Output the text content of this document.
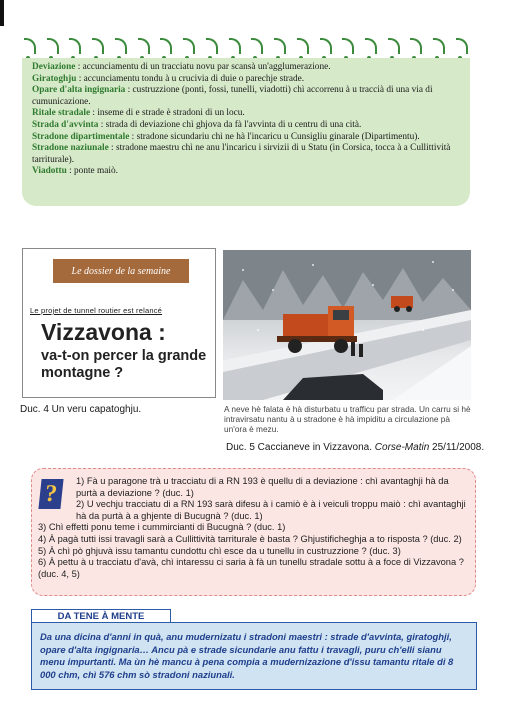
Deviazione : accunciamentu di un tracciatu novu par scansà un'agglumerazione.

Giratoghju : accunciamentu tondu à u crucivia di duie o parechje strade.

Opare d'alta ingignaria : custruzzione (ponti, fossi, tunelli, viadotti) chì accorrenu à u traccià di una via di cumunicazione.

Ritale stradale : inseme di e strade è stradoni di un locu.

Strada d'avvinta : strada di deviazione chì ghjova da fà l'avvinta di u centru di una cità.

Stradone dipartimentale : stradone sicundariu chì ne hà l'incaricu u Cunsigliu ginarale (Dipartimentu).

Stradone naziunale : stradone maestru chì ne anu l'incaricu i sirvizii di u Statu (in Corsica, tocca à a Cullittività tarriturale).

Viadottu : ponte maiò.

Le dossier de la semaine
Le projet de tunnel routier est relancé
Vizzavona :
va-t-on percer la grande montagne ?
Duc. 4 Un veru capatoghju.	A neve hè falata è hà disturbatu u trafficu par strada. Un carru si hè intravirsatu nantu à u stradone è hà impiditu a circulazione pà un'ora è mezu.
Duc. 5 Caccianeve in Vizzavona. Corse-Matin 25/11/2008.
?	1) Fà u paragone trà u tracciatu di a RN 193 è quellu di a deviazione : chì avantaghji hà da purtà a deviazione ? (duc. 1)

2) U vechju tracciatu di a RN 193 sarà difesu à i camiò è à i veiculi troppu maiò : chì avantaghji hà da purtà à a ghjente di Bucugnà ? (duc. 1)

3) Chì effetti ponu teme i cummircianti di Bucugnà ? (duc. 1)

4) À pagà tutti issi travagli sarà a Cullittività tarriturale è basta ? Ghjustificheghja a to risposta ? (duc. 2)

5) À chì pò ghjuvà issu tamantu cundottu chì esce da u tunellu in custruzzione ? (duc. 3)

6) À pettu à u tracciatu d'avà, chì intaressu ci saria à fà un tunellu stradale sottu à a foce di Vizzavona ? (duc. 4, 5)

DA TENE À MENTE

Da una dicina d'anni in quà, anu mudernizatu i stradoni maestri : strade d'avvinta, giratoghji, opare d'alta ingignaria… Ancu pà e strade sicundarie anu fattu i travagli, puru ch'elli sianu menu impurtanti. Ma ùn hè mancu à pena compia a mudernizazione d'issu tamantu ritale di 8 000 chm, chì 576 chm sò stradoni naziunali.
